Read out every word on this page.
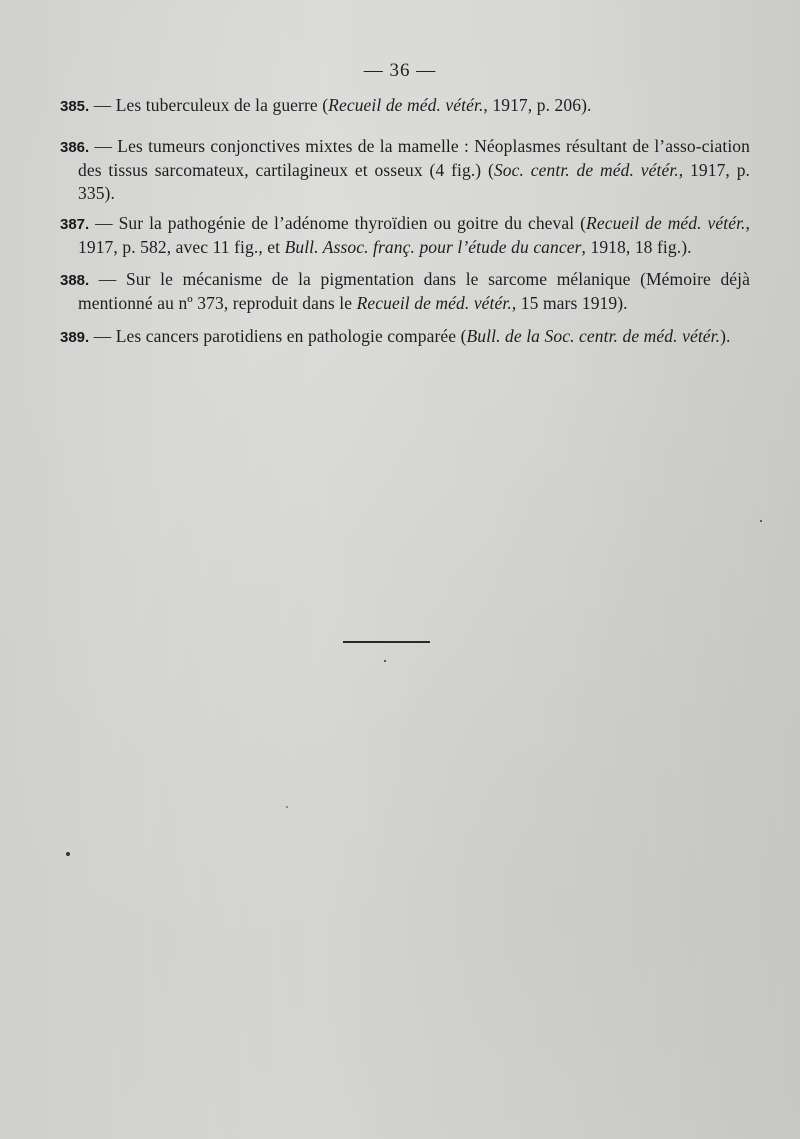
— 36 —
385. — Les tuberculeux de la guerre (Recueil de méd. vétér., 1917, p. 206).
386. — Les tumeurs conjonctives mixtes de la mamelle : Néoplasmes résultant de l’asso-ciation des tissus sarcomateux, cartilagineux et osseux (4 fig.) (Soc. centr. de méd. vétér., 1917, p. 335).
387. — Sur la pathogénie de l’adénome thyroïdien ou goitre du cheval (Recueil de méd. vétér., 1917, p. 582, avec 11 fig., et Bull. Assoc. franç. pour l’étude du cancer, 1918, 18 fig.).
388. — Sur le mécanisme de la pigmentation dans le sarcome mélanique (Mémoire déjà mentionné au nº 373, reproduit dans le Recueil de méd. vétér., 15 mars 1919).
389. — Les cancers parotidiens en pathologie comparée (Bull. de la Soc. centr. de méd. vétér.).
